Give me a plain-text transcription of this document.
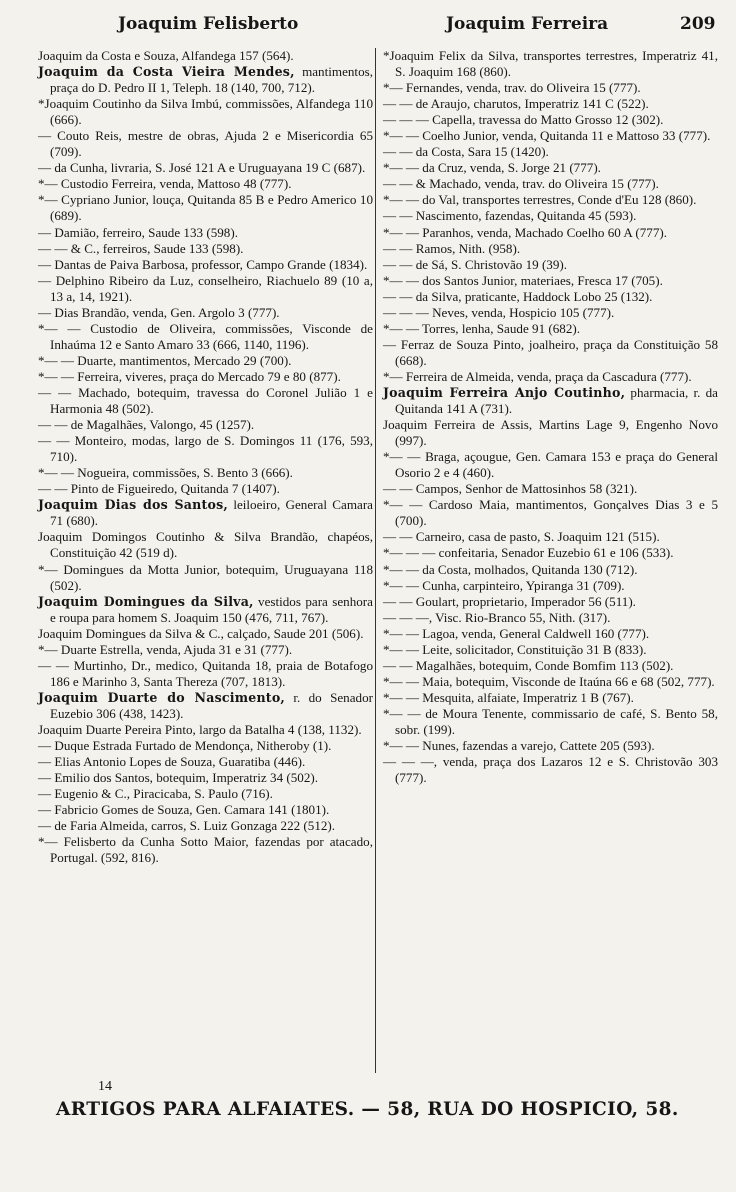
Joaquim Felisberto	Joaquim Ferreira	209

Joaquim da Costa e Souza, Alfandega 157 (564).

Joaquim da Costa Vieira Mendes, mantimentos, praça do D. Pedro II 1, Teleph. 18 (140, 700, 712).

*Joaquim Coutinho da Silva Imbú, commissões, Alfandega 110 (666).

— Couto Reis, mestre de obras, Ajuda 2 e Misericordia 65 (709).

— da Cunha, livraria, S. José 121 A e Uruguayana 19 C (687).

*— Custodio Ferreira, venda, Mattoso 48 (777).

*— Cypriano Junior, louça, Quitanda 85 B e Pedro Americo 10 (689).

— Damião, ferreiro, Saude 133 (598).

— — & C., ferreiros, Saude 133 (598).

— Dantas de Paiva Barbosa, professor, Campo Grande (1834).

— Delphino Ribeiro da Luz, conselheiro, Riachuelo 89 (10 a, 13 a, 14, 1921).

— Dias Brandão, venda, Gen. Argolo 3 (777).

*— — Custodio de Oliveira, commissões, Visconde de Inhaúma 12 e Santo Amaro 33 (666, 1140, 1196).

*— — Duarte, mantimentos, Mercado 29 (700).

*— — Ferreira, viveres, praça do Mercado 79 e 80 (877).

— — Machado, botequim, travessa do Coronel Julião 1 e Harmonia 48 (502).

— — de Magalhães, Valongo, 45 (1257).

— — Monteiro, modas, largo de S. Domingos 11 (176, 593, 710).

*— — Nogueira, commissões, S. Bento 3 (666).

— — Pinto de Figueiredo, Quitanda 7 (1407).

Joaquim Dias dos Santos, leiloeiro, General Camara 71 (680).

Joaquim Domingos Coutinho & Silva Brandão, chapéos, Constituição 42 (519 d).

*— Domingues da Motta Junior, botequim, Uruguayana 118 (502).

Joaquim Domingues da Silva, vestidos para senhora e roupa para homem S. Joaquim 150 (476, 711, 767).

Joaquim Domingues da Silva & C., calçado, Saude 201 (506).

*— Duarte Estrella, venda, Ajuda 31 e 31 (777).

— — Murtinho, Dr., medico, Quitanda 18, praia de Botafogo 186 e Marinho 3, Santa Thereza (707, 1813).

Joaquim Duarte do Nascimento, r. do Senador Euzebio 306 (438, 1423).

Joaquim Duarte Pereira Pinto, largo da Batalha 4 (138, 1132).

— Duque Estrada Furtado de Mendonça, Nitheroby (1).

— Elias Antonio Lopes de Souza, Guaratiba (446).

— Emilio dos Santos, botequim, Imperatriz 34 (502).

— Eugenio & C., Piracicaba, S. Paulo (716).

— Fabricio Gomes de Souza, Gen. Camara 141 (1801).

— de Faria Almeida, carros, S. Luiz Gonzaga 222 (512).

*— Felisberto da Cunha Sotto Maior, fazendas por atacado, Portugal. (592, 816).

*Joaquim Felix da Silva, transportes terrestres, Imperatriz 41, S. Joaquim 168 (860).

*— Fernandes, venda, trav. do Oliveira 15 (777).

— — de Araujo, charutos, Imperatriz 141 C (522).

— — — Capella, travessa do Matto Grosso 12 (302).

*— — Coelho Junior, venda, Quitanda 11 e Mattoso 33 (777).

— — da Costa, Sara 15 (1420).

*— — da Cruz, venda, S. Jorge 21 (777).

— — & Machado, venda, trav. do Oliveira 15 (777).

*— — do Val, transportes terrestres, Conde d'Eu 128 (860).

— — Nascimento, fazendas, Quitanda 45 (593).

*— — Paranhos, venda, Machado Coelho 60 A (777).

— — Ramos, Nith. (958).

— — de Sá, S. Christovão 19 (39).

*— — dos Santos Junior, materiaes, Fresca 17 (705).

— — da Silva, praticante, Haddock Lobo 25 (132).

— — — Neves, venda, Hospicio 105 (777).

*— — Torres, lenha, Saude 91 (682).

— Ferraz de Souza Pinto, joalheiro, praça da Constituição 58 (668).

*— Ferreira de Almeida, venda, praça da Cascadura (777).

Joaquim Ferreira Anjo Coutinho, pharmacia, r. da Quitanda 141 A (731).

Joaquim Ferreira de Assis, Martins Lage 9, Engenho Novo (997).

*— — Braga, açougue, Gen. Camara 153 e praça do General Osorio 2 e 4 (460).

— — Campos, Senhor de Mattosinhos 58 (321).

*— — Cardoso Maia, mantimentos, Gonçalves Dias 3 e 5 (700).

— — Carneiro, casa de pasto, S. Joaquim 121 (515).

*— — — confeitaria, Senador Euzebio 61 e 106 (533).

*— — da Costa, molhados, Quitanda 130 (712).

*— — Cunha, carpinteiro, Ypiranga 31 (709).

— — Goulart, proprietario, Imperador 56 (511).

— — —, Visc. Rio-Branco 55, Nith. (317).

*— — Lagoa, venda, General Caldwell 160 (777).

*— — Leite, solicitador, Constituição 31 B (833).

— — Magalhães, botequim, Conde Bomfim 113 (502).

*— — Maia, botequim, Visconde de Itaúna 66 e 68 (502, 777).

*— — Mesquita, alfaiate, Imperatriz 1 B (767).

*— — de Moura Tenente, commissario de café, S. Bento 58, sobr. (199).

*— — Nunes, fazendas a varejo, Cattete 205 (593).

— — —, venda, praça dos Lazaros 12 e S. Christovão 303 (777).

14
ARTIGOS PARA ALFAIATES. — 58, RUA DO HOSPICIO, 58.
